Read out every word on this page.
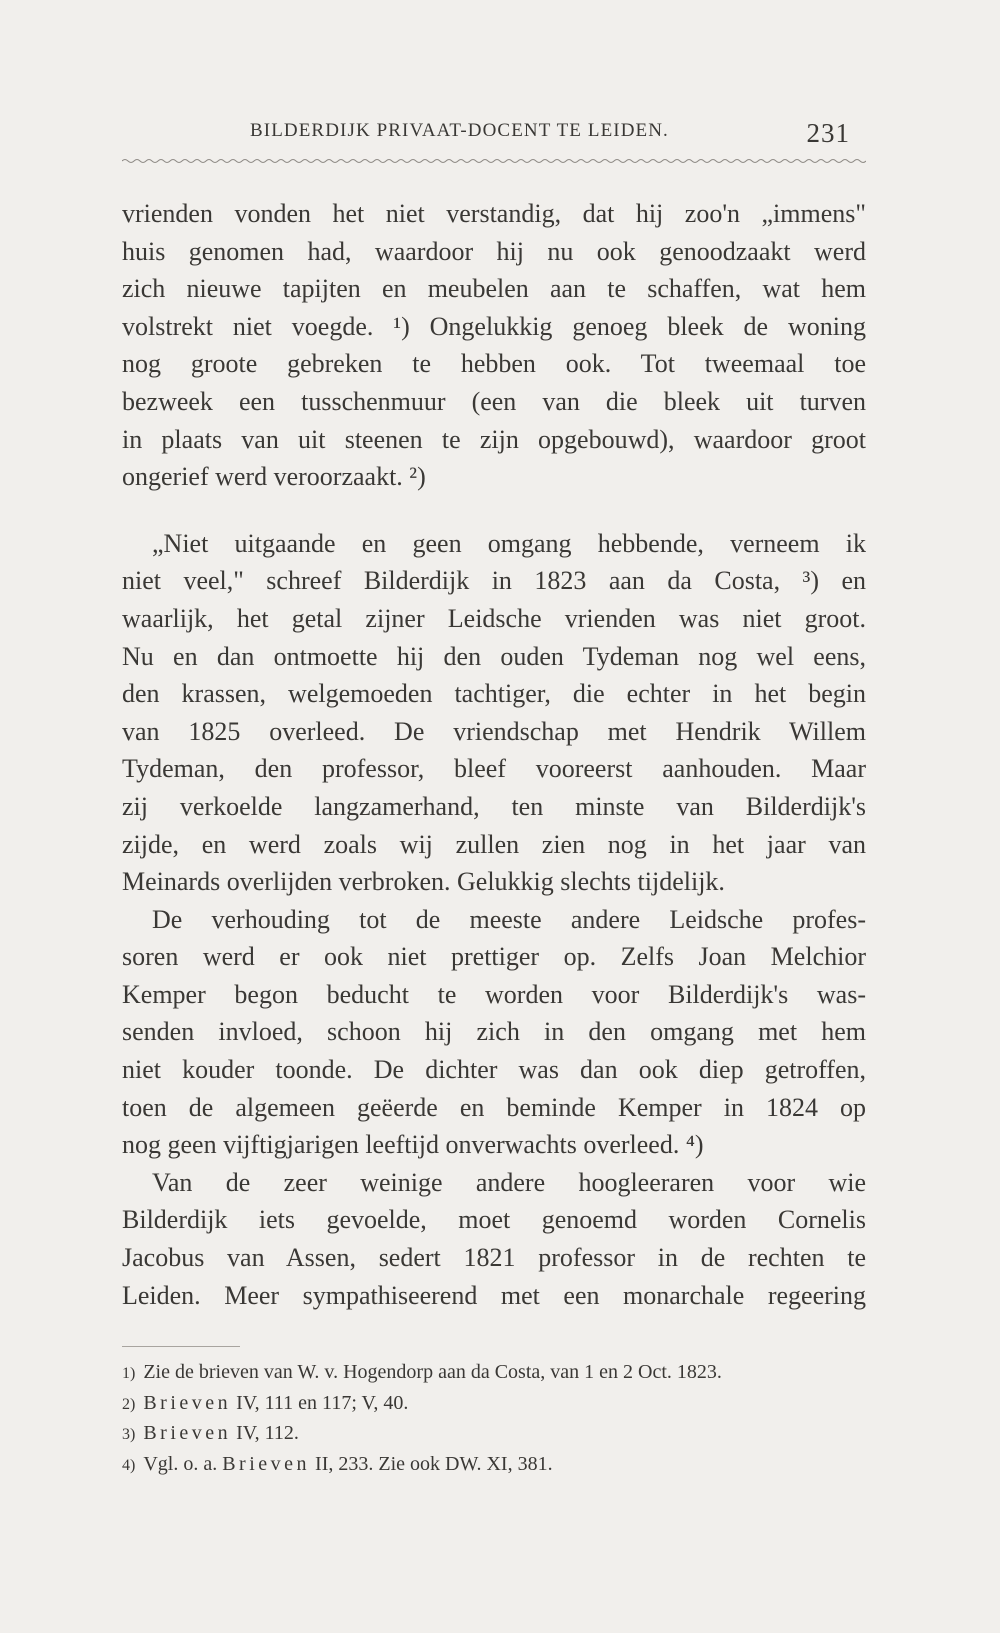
BILDERDIJK PRIVAAT-DOCENT TE LEIDEN.	231
vrienden vonden het niet verstandig, dat hij zoo'n „immens"
huis genomen had, waardoor hij nu ook genoodzaakt werd
zich nieuwe tapijten en meubelen aan te schaffen, wat hem
volstrekt niet voegde. ¹) Ongelukkig genoeg bleek de woning
nog groote gebreken te hebben ook. Tot tweemaal toe
bezweek een tusschenmuur (een van die bleek uit turven
in plaats van uit steenen te zijn opgebouwd), waardoor groot
ongerief werd veroorzaakt. ²)
„Niet uitgaande en geen omgang hebbende, verneem ik
niet veel," schreef Bilderdijk in 1823 aan da Costa, ³) en
waarlijk, het getal zijner Leidsche vrienden was niet groot.
Nu en dan ontmoette hij den ouden Tydeman nog wel eens,
den krassen, welgemoeden tachtiger, die echter in het begin
van 1825 overleed. De vriendschap met Hendrik Willem
Tydeman, den professor, bleef vooreerst aanhouden. Maar
zij verkoelde langzamerhand, ten minste van Bilderdijk's
zijde, en werd zoals wij zullen zien nog in het jaar van
Meinards overlijden verbroken. Gelukkig slechts tijdelijk.
De verhouding tot de meeste andere Leidsche profes-
soren werd er ook niet prettiger op. Zelfs Joan Melchior
Kemper begon beducht te worden voor Bilderdijk's was-
senden invloed, schoon hij zich in den omgang met hem
niet kouder toonde. De dichter was dan ook diep getroffen,
toen de algemeen geëerde en beminde Kemper in 1824 op
nog geen vijftigjarigen leeftijd onverwachts overleed. ⁴)
Van de zeer weinige andere hoogleeraren voor wie
Bilderdijk iets gevoelde, moet genoemd worden Cornelis
Jacobus van Assen, sedert 1821 professor in de rechten te
Leiden. Meer sympathiseerend met een monarchale regeering
1) Zie de brieven van W. v. Hogendorp aan da Costa, van 1 en 2 Oct. 1823.
2) Brieven IV, 111 en 117; V, 40.
3) Brieven IV, 112.
4) Vgl. o. a. Brieven II, 233. Zie ook DW. XI, 381.
